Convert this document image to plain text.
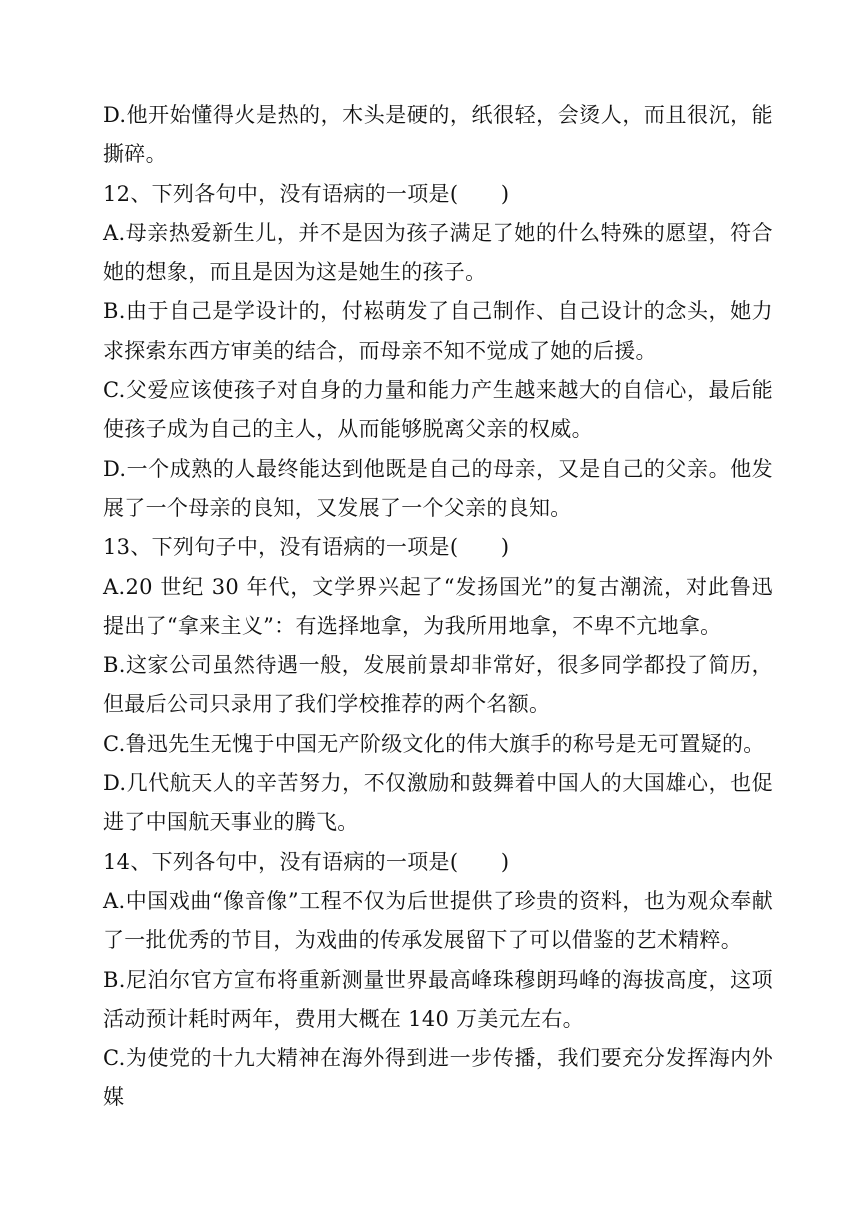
D.他开始懂得火是热的，木头是硬的，纸很轻，会烫人，而且很沉，能撕碎。

12、下列各句中，没有语病的一项是(　　)

A.母亲热爱新生儿，并不是因为孩子满足了她的什么特殊的愿望，符合她的想象，而且是因为这是她生的孩子。

B.由于自己是学设计的，付崧萌发了自己制作、自己设计的念头，她力求探索东西方审美的结合，而母亲不知不觉成了她的后援。

C.父爱应该使孩子对自身的力量和能力产生越来越大的自信心，最后能使孩子成为自己的主人，从而能够脱离父亲的权威。

D.一个成熟的人最终能达到他既是自己的母亲，又是自己的父亲。他发展了一个母亲的良知，又发展了一个父亲的良知。

13、下列句子中，没有语病的一项是(　　)

A.20 世纪 30 年代，文学界兴起了“发扬国光”的复古潮流，对此鲁迅提出了“拿来主义”：有选择地拿，为我所用地拿，不卑不亢地拿。

B.这家公司虽然待遇一般，发展前景却非常好，很多同学都投了简历，但最后公司只录用了我们学校推荐的两个名额。

C.鲁迅先生无愧于中国无产阶级文化的伟大旗手的称号是无可置疑的。

D.几代航天人的辛苦努力，不仅激励和鼓舞着中国人的大国雄心，也促进了中国航天事业的腾飞。

14、下列各句中，没有语病的一项是(　　)

A.中国戏曲“像音像”工程不仅为后世提供了珍贵的资料，也为观众奉献了一批优秀的节目，为戏曲的传承发展留下了可以借鉴的艺术精粹。

B.尼泊尔官方宣布将重新测量世界最高峰珠穆朗玛峰的海拔高度，这项活动预计耗时两年，费用大概在 140 万美元左右。

C.为使党的十九大精神在海外得到进一步传播，我们要充分发挥海内外媒
